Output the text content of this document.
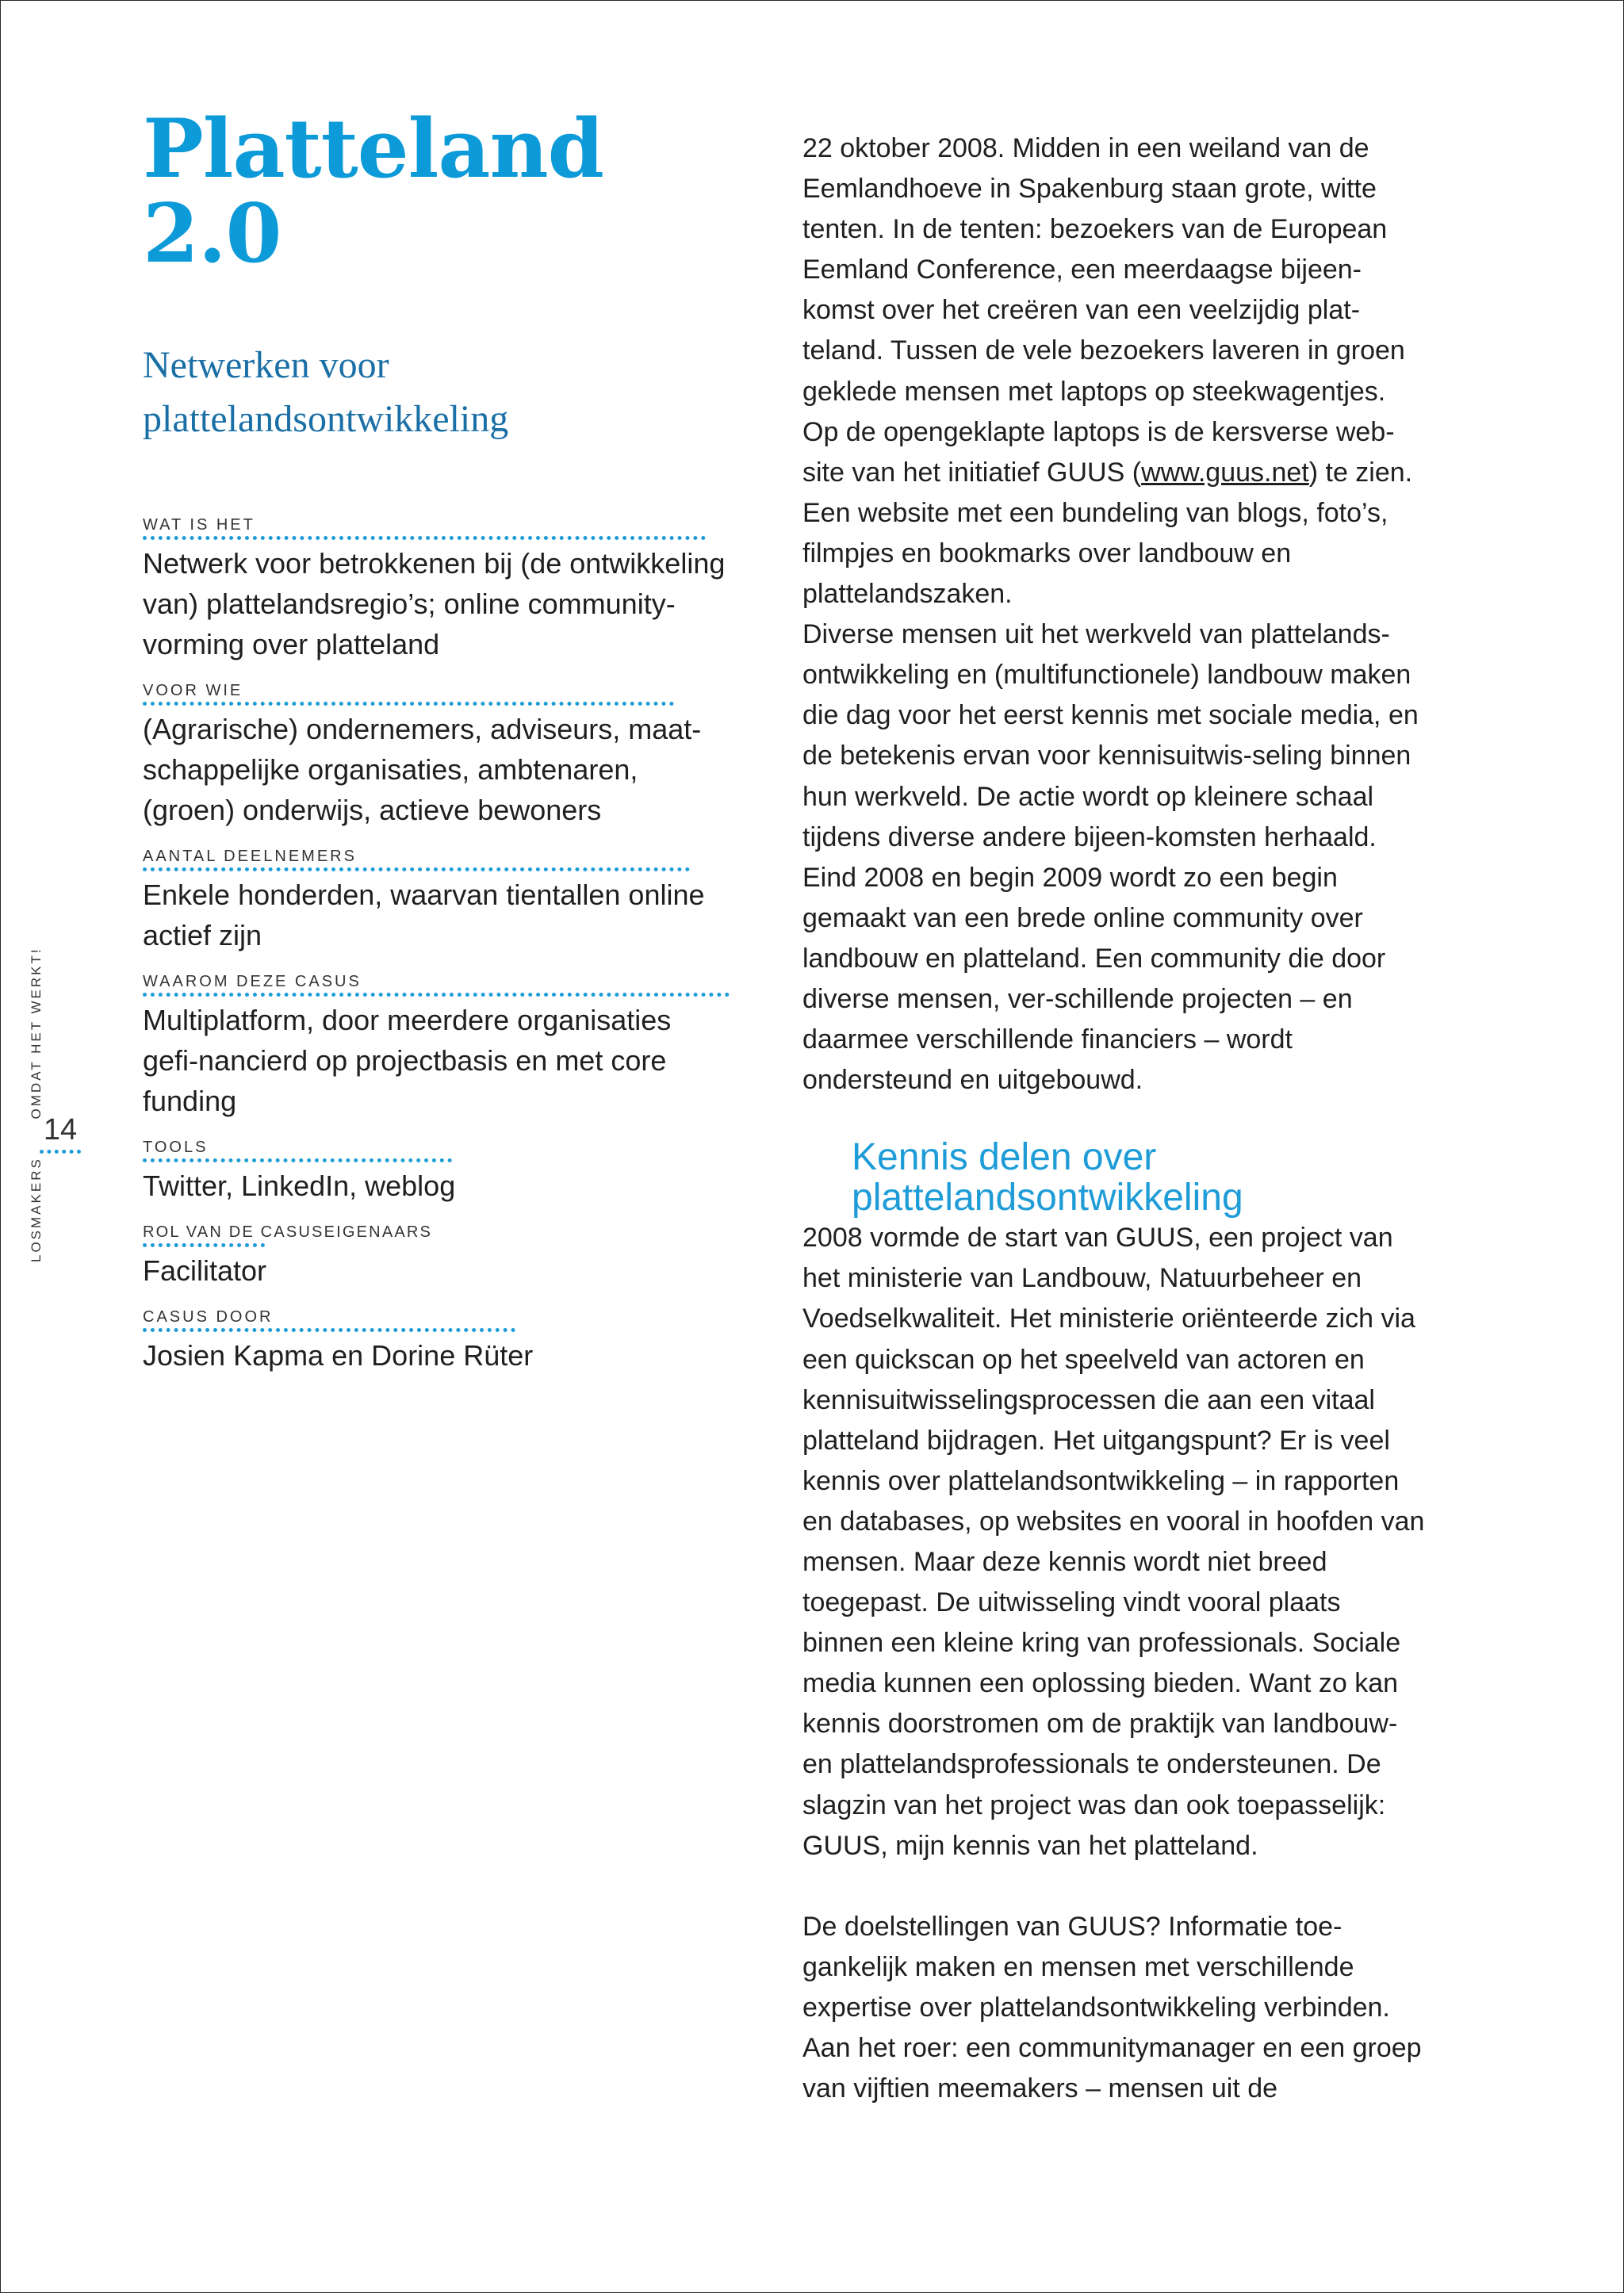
Platteland 2.0
Netwerken voor
plattelandsontwikkeling
WAT IS HET

Netwerk voor betrokkenen bij (de ontwikkeling van) plattelandsregio’s; online community-vorming over platteland

VOOR WIE

(Agrarische) ondernemers, adviseurs, maat-schappelijke organisaties, ambtenaren, (groen) onderwijs, actieve bewoners

AANTAL DEELNEMERS

Enkele honderden, waarvan tientallen online actief zijn

WAAROM DEZE CASUS

Multiplatform, door meerdere organisaties gefi-nancierd op projectbasis en met core funding

TOOLS

Twitter, LinkedIn, weblog

ROL VAN DE CASUSEIGENAARS

Facilitator

CASUS DOOR

Josien Kapma en Dorine Rüter

LOSMAKERS OMDAT HET WERKT!
14

22 oktober 2008. Midden in een weiland van de Eemlandhoeve in Spakenburg staan grote, witte tenten. In de tenten: bezoekers van de European Eemland Conference, een meerdaagse bijeen-komst over het creëren van een veelzijdig plat-teland. Tussen de vele bezoekers laveren in groen geklede mensen met laptops op steekwagentjes. Op de opengeklapte laptops is de kersverse web-site van het initiatief GUUS (www.guus.net) te zien. Een website met een bundeling van blogs, foto’s, filmpjes en bookmarks over landbouw en plattelandszaken.

Diverse mensen uit het werkveld van plattelands-ontwikkeling en (multifunctionele) landbouw maken die dag voor het eerst kennis met sociale media, en de betekenis ervan voor kennisuitwis-seling binnen hun werkveld. De actie wordt op kleinere schaal tijdens diverse andere bijeen-komsten herhaald. Eind 2008 en begin 2009 wordt zo een begin gemaakt van een brede online community over landbouw en platteland. Een community die door diverse mensen, ver-schillende projecten – en daarmee verschillende financiers – wordt ondersteund en uitgebouwd.

Kennis delen over
plattelandsontwikkeling

2008 vormde de start van GUUS, een project van het ministerie van Landbouw, Natuurbeheer en Voedselkwaliteit. Het ministerie oriënteerde zich via een quickscan op het speelveld van actoren en kennisuitwisselingsprocessen die aan een vitaal platteland bijdragen. Het uitgangspunt? Er is veel kennis over plattelandsontwikkeling – in rapporten en databases, op websites en vooral in hoofden van mensen. Maar deze kennis wordt niet breed toegepast. De uitwisseling vindt vooral plaats binnen een kleine kring van professionals. Sociale media kunnen een oplossing bieden. Want zo kan kennis doorstromen om de praktijk van landbouw- en plattelandsprofessionals te ondersteunen. De slagzin van het project was dan ook toepasselijk: GUUS, mijn kennis van het platteland.

De doelstellingen van GUUS? Informatie toe-gankelijk maken en mensen met verschillende expertise over plattelandsontwikkeling verbinden. Aan het roer: een communitymanager en een groep van vijftien meemakers – mensen uit de
